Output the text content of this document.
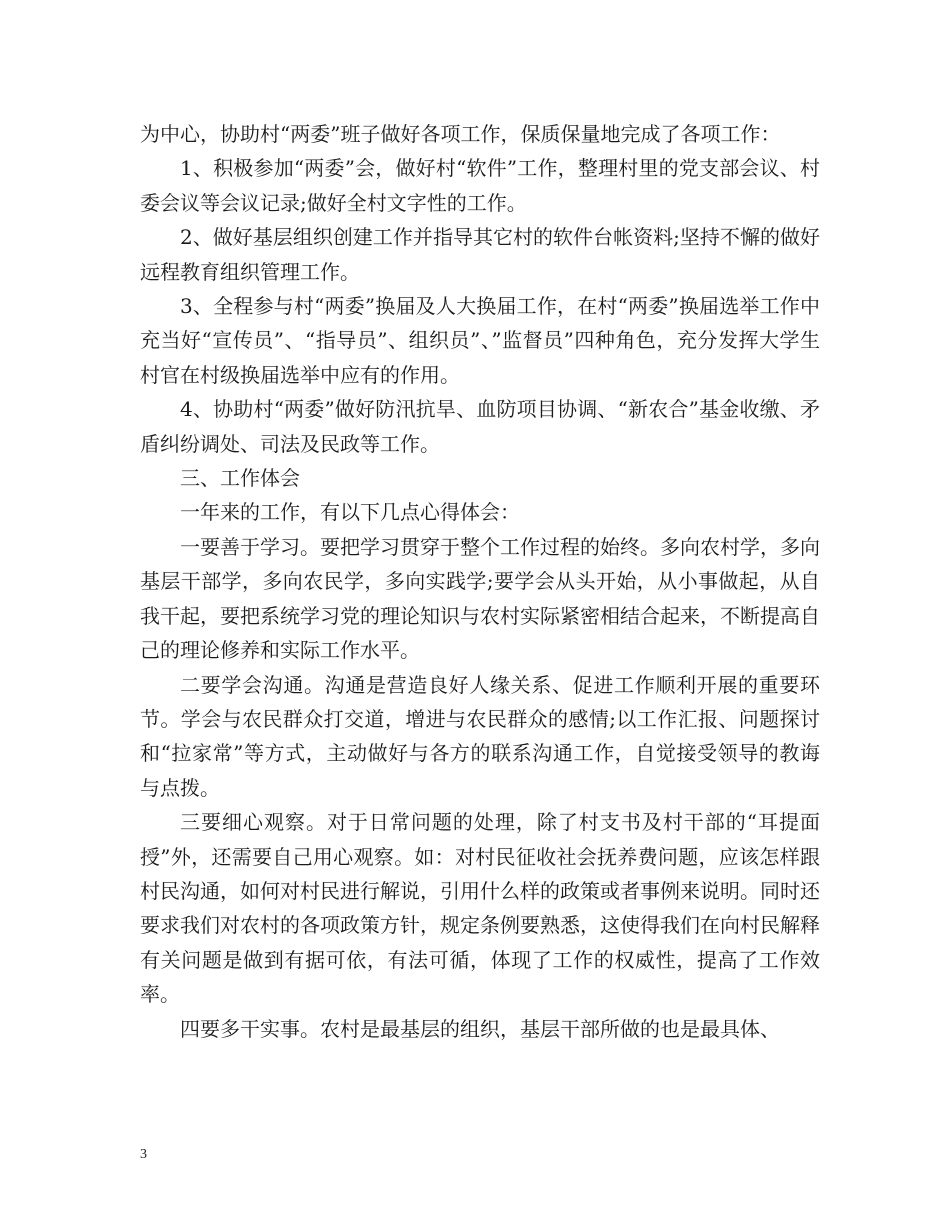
为中心，协助村“两委”班子做好各项工作，保质保量地完成了各项工作：

1、积极参加“两委”会，做好村“软件”工作，整理村里的党支部会议、村委会议等会议记录;做好全村文字性的工作。

2、做好基层组织创建工作并指导其它村的软件台帐资料;坚持不懈的做好远程教育组织管理工作。

3、全程参与村“两委”换届及人大换届工作，在村“两委”换届选举工作中充当好“宣传员”、“指导员”、组织员”、”监督员”四种角色，充分发挥大学生村官在村级换届选举中应有的作用。

4、协助村“两委”做好防汛抗旱、血防项目协调、“新农合”基金收缴、矛盾纠纷调处、司法及民政等工作。

三、工作体会

一年来的工作，有以下几点心得体会：

一要善于学习。要把学习贯穿于整个工作过程的始终。多向农村学，多向基层干部学，多向农民学，多向实践学;要学会从头开始，从小事做起，从自我干起，要把系统学习党的理论知识与农村实际紧密相结合起来，不断提高自己的理论修养和实际工作水平。

二要学会沟通。沟通是营造良好人缘关系、促进工作顺利开展的重要环节。学会与农民群众打交道，增进与农民群众的感情;以工作汇报、问题探讨和“拉家常”等方式，主动做好与各方的联系沟通工作，自觉接受领导的教诲与点拨。

三要细心观察。对于日常问题的处理，除了村支书及村干部的“耳提面授”外，还需要自己用心观察。如：对村民征收社会抚养费问题，应该怎样跟村民沟通，如何对村民进行解说，引用什么样的政策或者事例来说明。同时还要求我们对农村的各项政策方针，规定条例要熟悉，这使得我们在向村民解释有关问题是做到有据可依，有法可循，体现了工作的权威性，提高了工作效率。

四要多干实事。农村是最基层的组织，基层干部所做的也是最具体、

3
